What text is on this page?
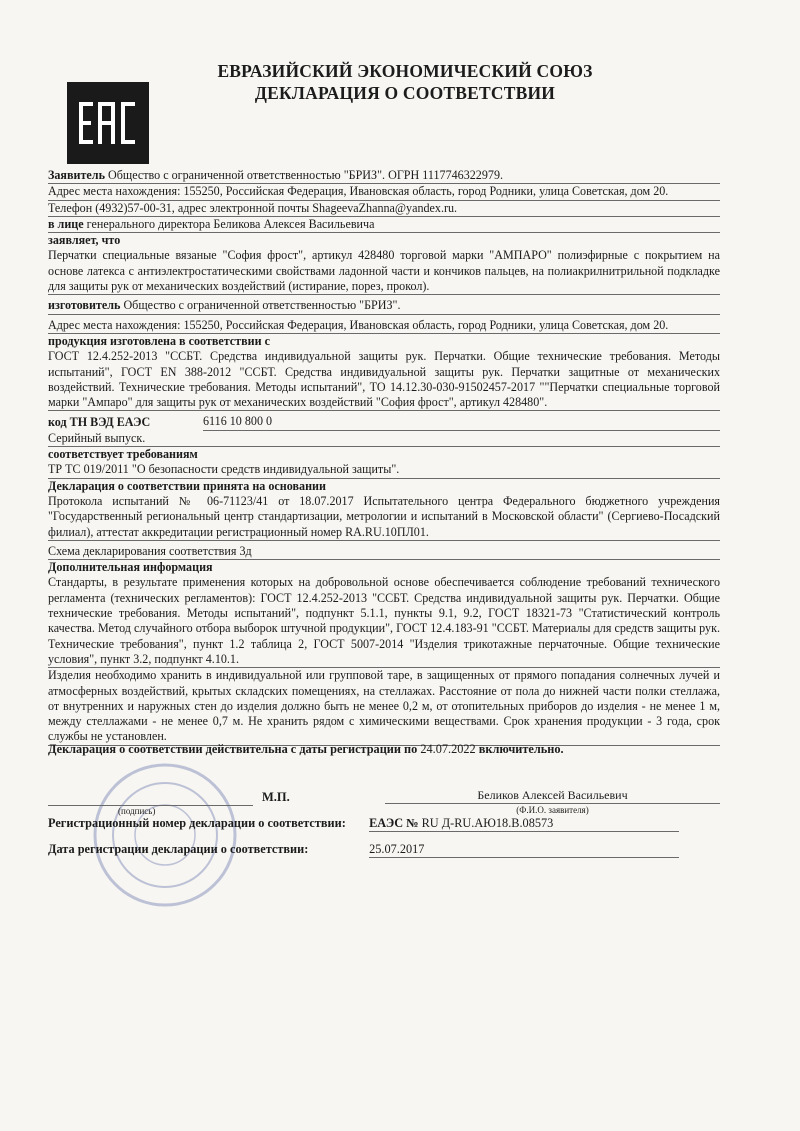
ЕВРАЗИЙСКИЙ ЭКОНОМИЧЕСКИЙ СОЮЗ
ДЕКЛАРАЦИЯ О СООТВЕТСТВИИ
Заявитель Общество с ограниченной ответственностью "БРИЗ". ОГРН 1117746322979.
Адрес места нахождения: 155250, Российская Федерация, Ивановская область, город Родники, улица Советская, дом 20.
Телефон (4932)57-00-31, адрес электронной почты ShageevaZhanna@yandex.ru.
в лице генерального директора Беликова Алексея Васильевича
заявляет, что
Перчатки специальные вязаные "София фрост", артикул 428480 торговой марки "АМПАРО" полиэфирные с покрытием на основе латекса с антиэлектростатическими свойствами ладонной части и кончиков пальцев, на полиакрилнитрильной подкладке для защиты рук от механических воздействий (истирание, порез, прокол).
изготовитель Общество с ограниченной ответственностью "БРИЗ".
Адрес места нахождения: 155250, Российская Федерация, Ивановская область, город Родники, улица Советская, дом 20.
продукция изготовлена в соответствии с
ГОСТ 12.4.252-2013 "ССБТ. Средства индивидуальной защиты рук. Перчатки. Общие технические требования. Методы испытаний", ГОСТ EN 388-2012 "ССБТ. Средства индивидуальной защиты рук. Перчатки защитные от механических воздействий. Технические требования. Методы испытаний", ТО 14.12.30-030-91502457-2017 ""Перчатки специальные торговой марки "Ампаро" для защиты рук от механических воздействий "София фрост", артикул 428480".
код ТН ВЭД ЕАЭС	6116 10 800 0
Серийный выпуск.
соответствует требованиям
ТР ТС 019/2011 "О безопасности средств индивидуальной защиты".
Декларация о соответствии принята на основании
Протокола испытаний № 06-71123/41 от 18.07.2017 Испытательного центра Федерального бюджетного учреждения "Государственный региональный центр стандартизации, метрологии и испытаний в Московской области" (Сергиево-Посадский филиал), аттестат аккредитации регистрационный номер RA.RU.10ПЛ01.
Схема декларирования соответствия 3д
Дополнительная информация
Стандарты, в результате применения которых на добровольной основе обеспечивается соблюдение требований технического регламента (технических регламентов): ГОСТ 12.4.252-2013 "ССБТ. Средства индивидуальной защиты рук. Перчатки. Общие технические требования. Методы испытаний", подпункт 5.1.1, пункты 9.1, 9.2, ГОСТ 18321-73 "Статистический контроль качества. Метод случайного отбора выборок штучной продукции", ГОСТ 12.4.183-91 "ССБТ. Материалы для средств защиты рук. Технические требования", пункт 1.2 таблица 2, ГОСТ 5007-2014 "Изделия трикотажные перчаточные. Общие технические условия", пункт 3.2, подпункт 4.10.1.
Изделия необходимо хранить в индивидуальной или групповой таре, в защищенных от прямого попадания солнечных лучей и атмосферных воздействий, крытых складских помещениях, на стеллажах. Расстояние от пола до нижней части полки стеллажа, от внутренних и наружных стен до изделия должно быть не менее 0,2 м, от отопительных приборов до изделия - не менее 1 м, между стеллажами - не менее 0,7 м. Не хранить рядом с химическими веществами. Срок хранения продукции - 3 года, срок службы не установлен.
Декларация о соответствии действительна с даты регистрации по 24.07.2022 включительно.
М.П.
(подпись)
Беликов Алексей Васильевич
(Ф.И.О. заявителя)
Регистрационный номер декларации о соответствии: ЕАЭС № RU Д-RU.АЮ18.В.08573
Дата регистрации декларации о соответствии:	25.07.2017
